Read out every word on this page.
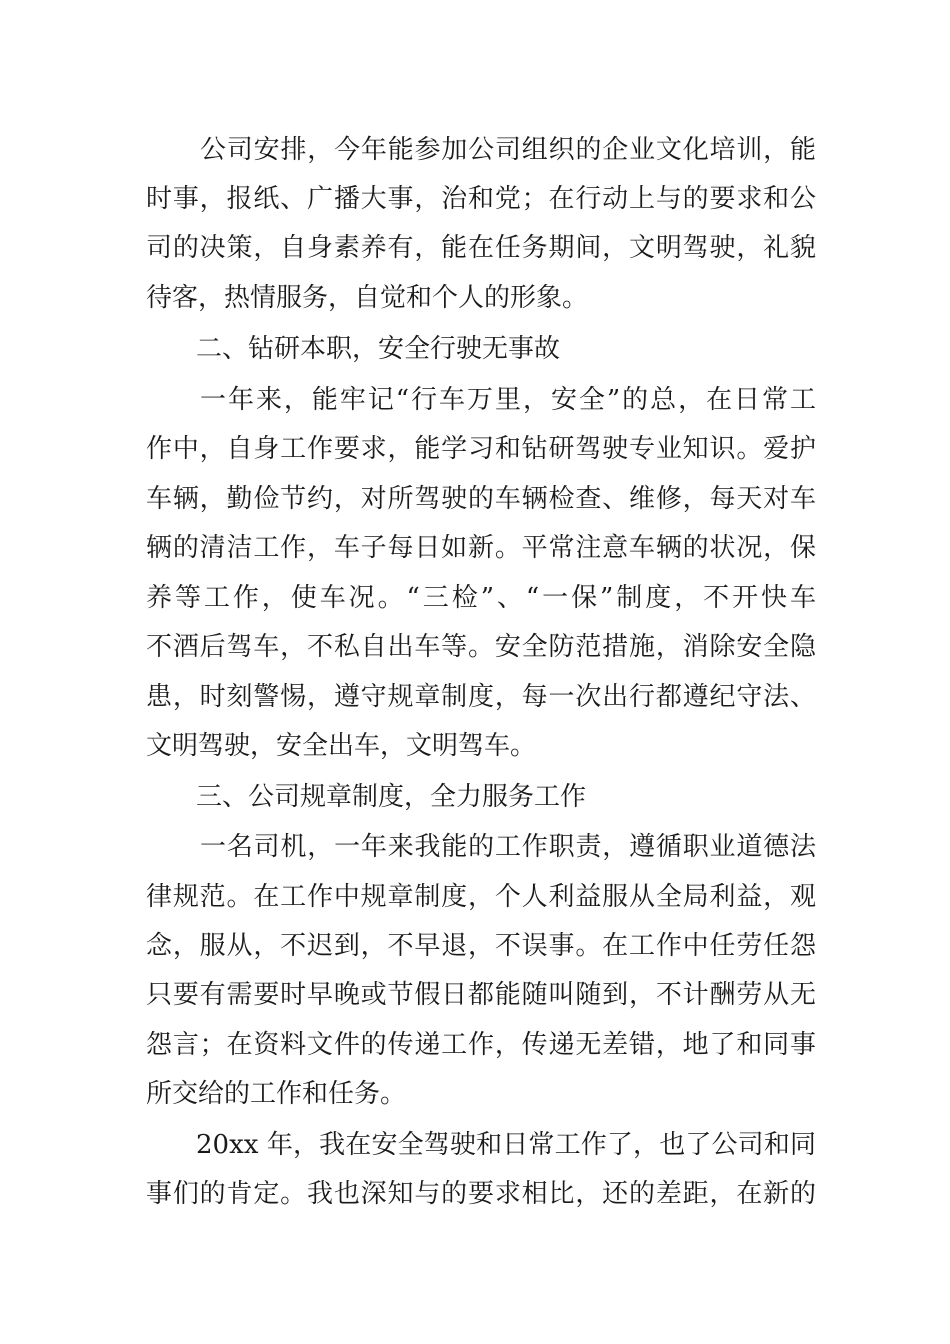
公司安排，今年能参加公司组织的企业文化培训，能
时事，报纸、广播大事，治和党；在行动上与的要求和公
司的决策，自身素养有，能在任务期间，文明驾驶，礼貌
待客，热情服务，自觉和个人的形象。
二、钻研本职，安全行驶无事故
一年来，能牢记“行车万里，安全”的总，在日常工
作中，自身工作要求，能学习和钻研驾驶专业知识。爱护
车辆，勤俭节约，对所驾驶的车辆检查、维修，每天对车
辆的清洁工作，车子每日如新。平常注意车辆的状况，保
养等工作，使车况。“三检”、“一保”制度，不开快车
不酒后驾车，不私自出车等。安全防范措施，消除安全隐
患，时刻警惕，遵守规章制度，每一次出行都遵纪守法、
文明驾驶，安全出车，文明驾车。
三、公司规章制度，全力服务工作
一名司机，一年来我能的工作职责，遵循职业道德法
律规范。在工作中规章制度，个人利益服从全局利益，观
念，服从，不迟到，不早退，不误事。在工作中任劳任怨
只要有需要时早晚或节假日都能随叫随到，不计酬劳从无
怨言；在资料文件的传递工作，传递无差错，地了和同事
所交给的工作和任务。
20xx 年，我在安全驾驶和日常工作了，也了公司和同
事们的肯定。我也深知与的要求相比，还的差距，在新的
